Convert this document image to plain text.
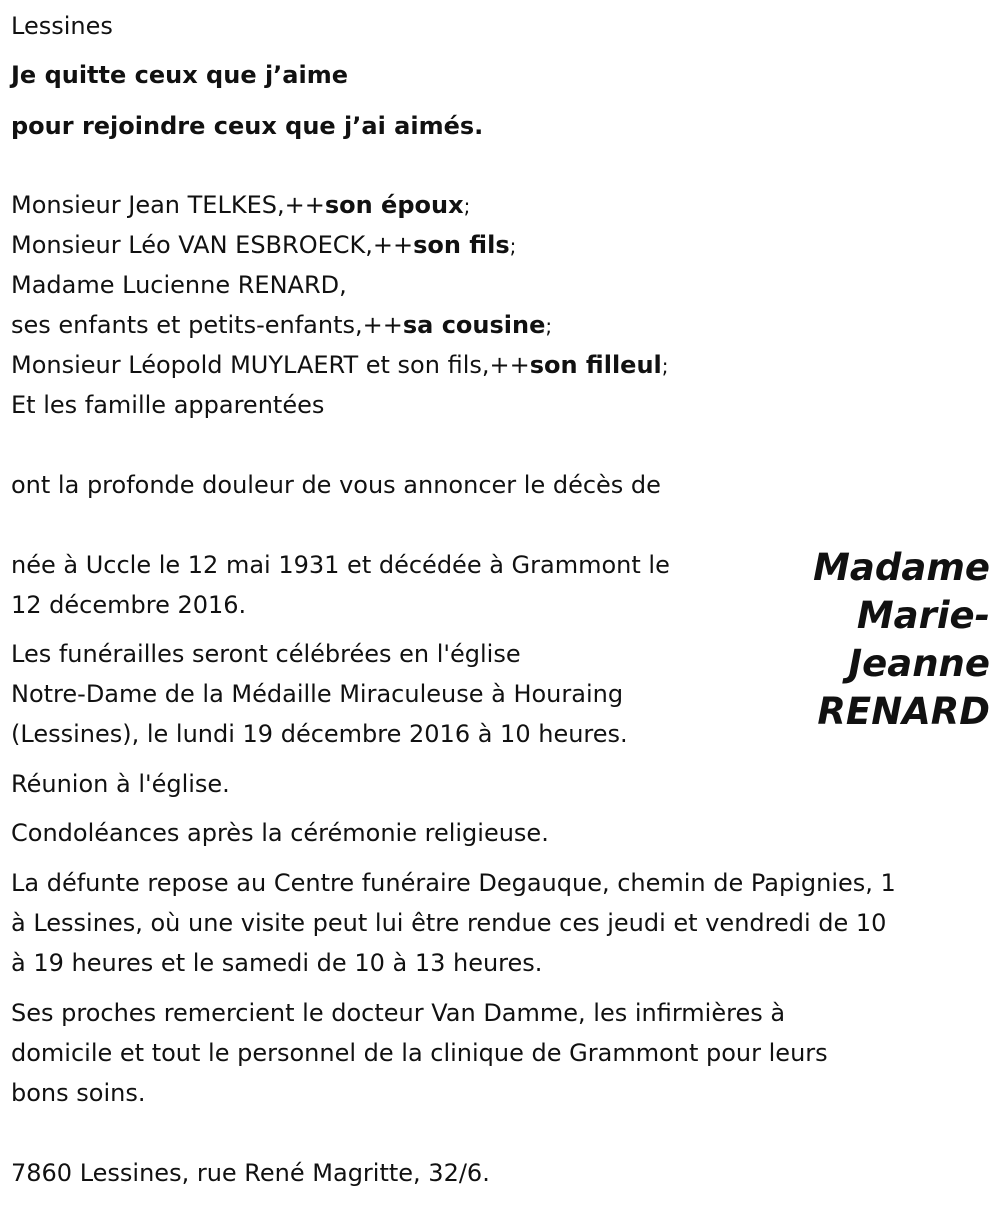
Lessines
Je quitte ceux que j’aime
pour rejoindre ceux que j’ai aimés.
Monsieur Jean TELKES,++son époux;
Monsieur Léo VAN ESBROECK,++son fils;
Madame Lucienne RENARD,
ses enfants et petits-enfants,++sa cousine;
Monsieur Léopold MUYLAERT et son fils,++son filleul;
Et les famille apparentées
ont la profonde douleur de vous annoncer le décès de
Madame
Marie-
Jeanne
RENARD
née à Uccle le 12 mai 1931 et décédée à Grammont le
12 décembre 2016.
Les funérailles seront célébrées en l'église
Notre-Dame de la Médaille Miraculeuse à Houraing
(Lessines), le lundi 19 décembre 2016 à 10 heures.
Réunion à l'église.
Condoléances après la cérémonie religieuse.
La défunte repose au Centre funéraire Degauque, chemin de Papignies, 1
à Lessines, où une visite peut lui être rendue ces jeudi et vendredi de 10
à 19 heures et le samedi de 10 à 13 heures.
Ses proches remercient le docteur Van Damme, les infirmières à
domicile et tout le personnel de la clinique de Grammont pour leurs
bons soins.
7860 Lessines, rue René Magritte, 32/6.
